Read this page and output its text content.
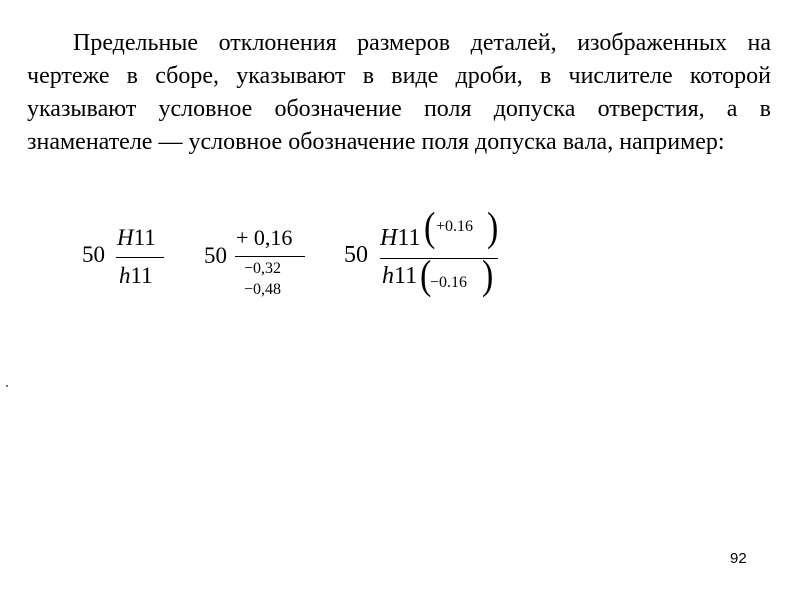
Предельные отклонения размеров деталей, изображенных на чертеже в сборе, указывают в виде дроби, в числителе которой указывают условное обозначение поля допуска отверстия, а в знаменателе — условное обозначение поля допуска вала, например:

50
H11
h11
50
+ 0,16
−0,32
−0,48
50
H11 ( +0.16 )
h11 (
−0.16 )
92
